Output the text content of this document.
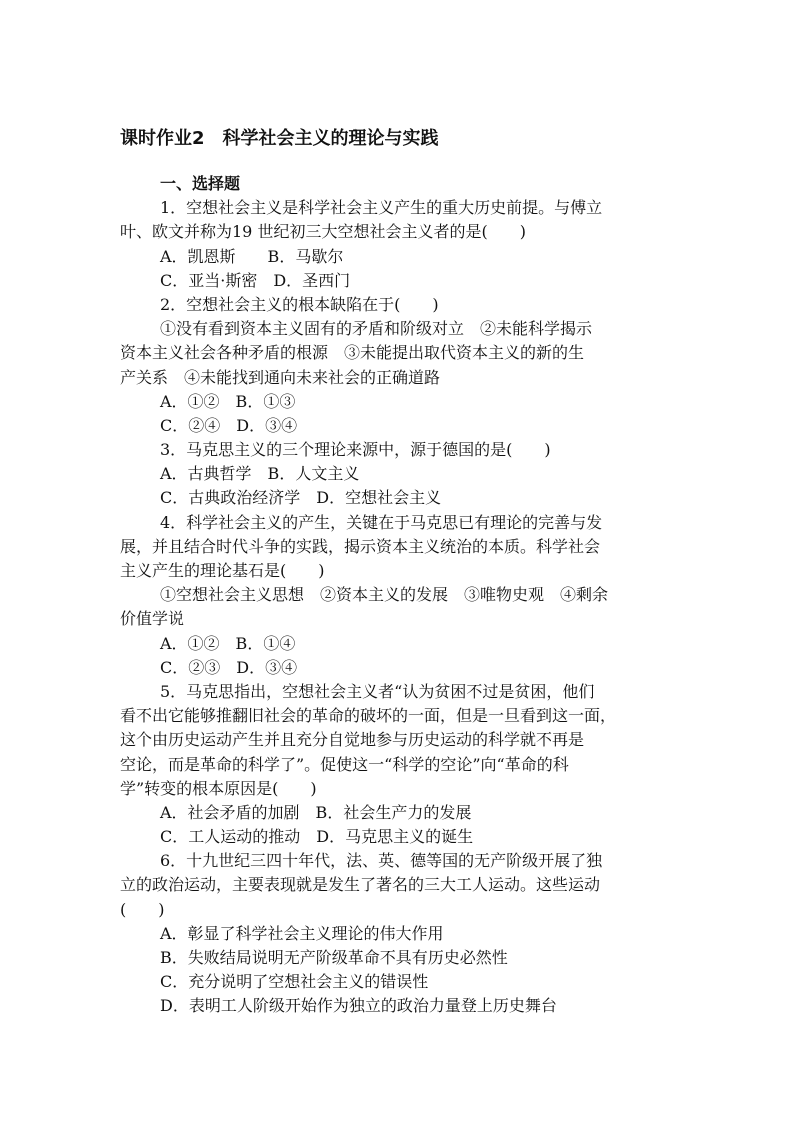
课时作业2　科学社会主义的理论与实践
一、选择题
1．空想社会主义是科学社会主义产生的重大历史前提。与傅立
叶、欧文并称为19 世纪初三大空想社会主义者的是(　　)
A．凯恩斯　　B．马歇尔
C．亚当·斯密　D．圣西门
2．空想社会主义的根本缺陷在于(　　)
①没有看到资本主义固有的矛盾和阶级对立　②未能科学揭示
资本主义社会各种矛盾的根源　③未能提出取代资本主义的新的生
产关系　④未能找到通向未来社会的正确道路
A．①②　B．①③
C．②④　D．③④
3．马克思主义的三个理论来源中，源于德国的是(　　)
A．古典哲学　B．人文主义
C．古典政治经济学　D．空想社会主义
4．科学社会主义的产生，关键在于马克思已有理论的完善与发
展，并且结合时代斗争的实践，揭示资本主义统治的本质。科学社会
主义产生的理论基石是(　　)
①空想社会主义思想　②资本主义的发展　③唯物史观　④剩余
价值学说
A．①②　B．①④
C．②③　D．③④
5．马克思指出，空想社会主义者“认为贫困不过是贫困，他们
看不出它能够推翻旧社会的革命的破坏的一面，但是一旦看到这一面，
这个由历史运动产生并且充分自觉地参与历史运动的科学就不再是
空论，而是革命的科学了”。促使这一“科学的空论”向“革命的科
学”转变的根本原因是(　　)
A．社会矛盾的加剧　B．社会生产力的发展
C．工人运动的推动　D．马克思主义的诞生
6．十九世纪三四十年代，法、英、德等国的无产阶级开展了独
立的政治运动，主要表现就是发生了著名的三大工人运动。这些运动
(　　)
A．彰显了科学社会主义理论的伟大作用
B．失败结局说明无产阶级革命不具有历史必然性
C．充分说明了空想社会主义的错误性
D．表明工人阶级开始作为独立的政治力量登上历史舞台
